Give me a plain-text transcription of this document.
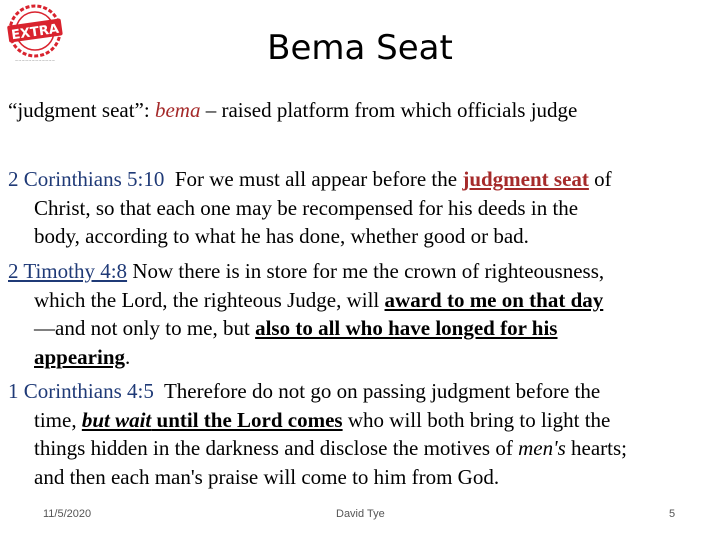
EXTRA
~~~~~~~~~~~~	Bema Seat
“judgment seat”: bema – raised platform from which officials judge
2 Corinthians 5:10  For we must all appear before the judgment seat of
Christ, so that each one may be recompensed for his deeds in the
body, according to what he has done, whether good or bad.
2 Timothy 4:8 Now there is in store for me the crown of righteousness,
which the Lord, the righteous Judge, will award to me on that day
—and not only to me, but also to all who have longed for his
appearing.
1 Corinthians 4:5  Therefore do not go on passing judgment before the
time, but wait until the Lord comes who will both bring to light the
things hidden in the darkness and disclose the motives of men's hearts;
and then each man's praise will come to him from God.
11/5/2020	David Tye	5
